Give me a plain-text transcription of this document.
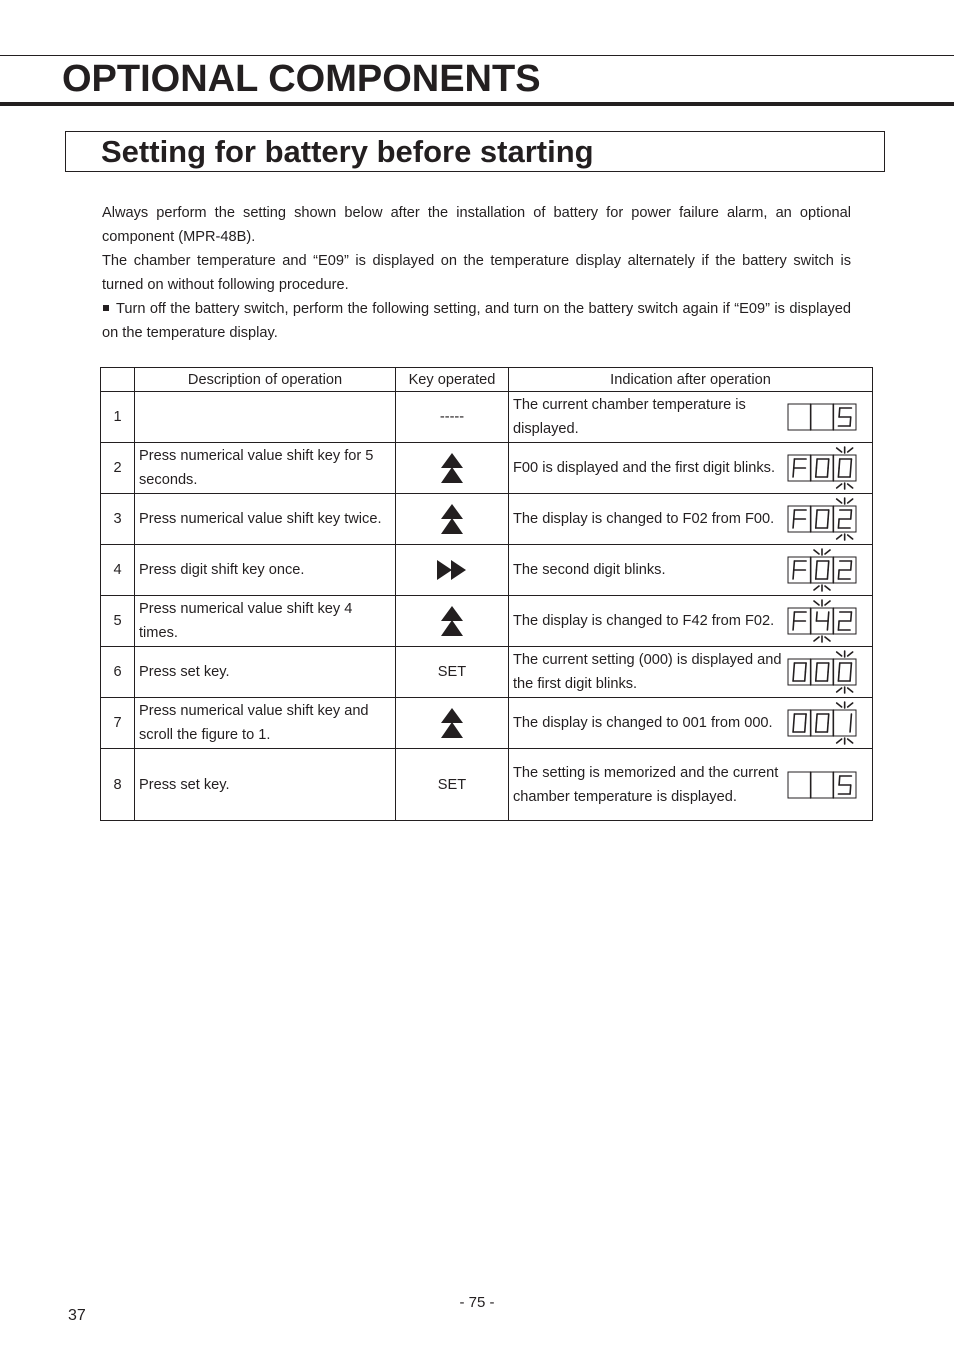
OPTIONAL COMPONENTS
Setting for battery before starting

Always perform the setting shown below after the installation of battery for power failure alarm, an optional component (MPR-48B).

The chamber temperature and “E09” is displayed on the temperature display alternately if the battery switch is turned on without following procedure.

Turn off the battery switch, perform the following setting, and turn on the battery switch again if “E09” is displayed on the temperature display.

	Description of operation	Key operated	Indication after operation
1		-----	The current chamber temperature is displayed.

2	Press numerical value shift key for 5 seconds.		F00 is displayed and the first digit blinks.

3	Press numerical value shift key twice.		The display is changed to F02 from F00.

4	Press digit shift key once.		The second digit blinks.

5	Press numerical value shift key 4 times.		The display is changed to F42 from F02.

6	Press set key.	SET	The current setting (000) is displayed and the first digit blinks.

7	Press numerical value shift key and scroll the figure to 1.		The display is changed to 001 from 000.

8	Press set key.	SET	The setting is memorized and the current chamber temperature is displayed.
- 75 -
37
